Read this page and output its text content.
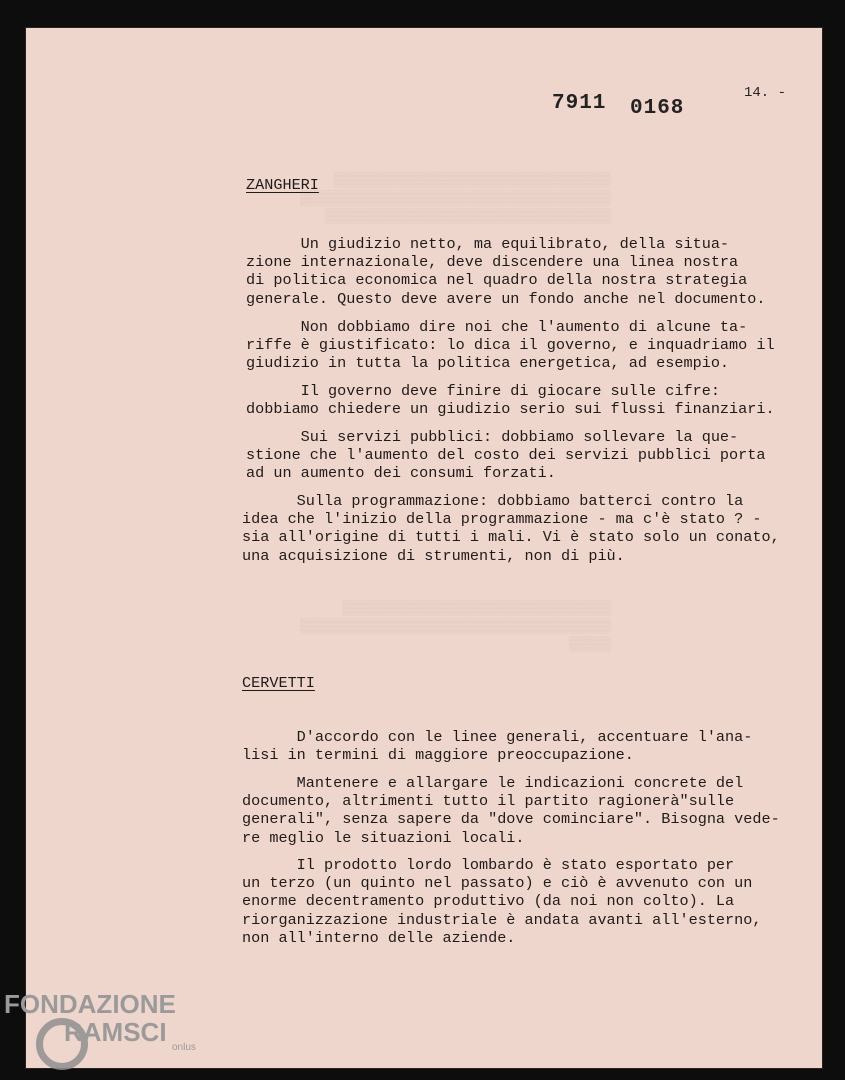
7911 0168
14. -
▒▒▒▒▒▒▒▒▒▒▒▒▒▒▒▒▒▒▒▒▒▒▒▒▒▒▒▒▒▒▒▒▒
▒▒▒▒▒▒▒▒▒▒▒▒▒▒▒▒▒▒▒▒▒▒▒▒▒▒▒▒▒▒▒▒▒▒▒▒▒
▒▒▒▒▒▒▒▒▒▒▒▒▒▒▒▒▒▒▒▒▒▒▒▒▒▒▒▒▒▒▒▒▒▒
ZANGHERI
Un giudizio netto, ma equilibrato, della situa-
zione internazionale, deve discendere una linea nostra
di politica economica nel quadro della nostra strategia
generale. Questo deve avere un fondo anche nel documento.
Non dobbiamo dire noi che l'aumento di alcune ta-
riffe è giustificato: lo dica il governo, e inquadriamo il
giudizio in tutta la politica energetica, ad esempio.
Il governo deve finire di giocare sulle cifre:
dobbiamo chiedere un giudizio serio sui flussi finanziari.
Sui servizi pubblici: dobbiamo sollevare la que-
stione che l'aumento del costo dei servizi pubblici porta
ad un aumento dei consumi forzati.
Sulla programmazione: dobbiamo batterci contro la
idea che l'inizio della programmazione - ma c'è stato ? -
sia all'origine di tutti i mali. Vi è stato solo un conato,
una acquisizione di strumenti, non di più.
▒▒▒▒▒▒▒▒▒▒▒▒▒▒▒▒▒▒▒▒▒▒▒▒▒▒▒▒▒▒▒▒
▒▒▒▒▒▒▒▒▒▒▒▒▒▒▒▒▒▒▒▒▒▒▒▒▒▒▒▒▒▒▒▒▒▒▒▒▒
▒▒▒▒▒
CERVETTI
D'accordo con le linee generali, accentuare l'ana-
lisi in termini di maggiore preoccupazione.
Mantenere e allargare le indicazioni concrete del
documento, altrimenti tutto il partito ragionerà"sulle
generali", senza sapere da "dove cominciare". Bisogna vede-
re meglio le situazioni locali.
Il prodotto lordo lombardo è stato esportato per
un terzo (un quinto nel passato) e ciò è avvenuto con un
enorme decentramento produttivo (da noi non colto). La
riorganizzazione industriale è andata avanti all'esterno,
non all'interno delle aziende.
FONDAZIONE
RAMSCI
onlus
